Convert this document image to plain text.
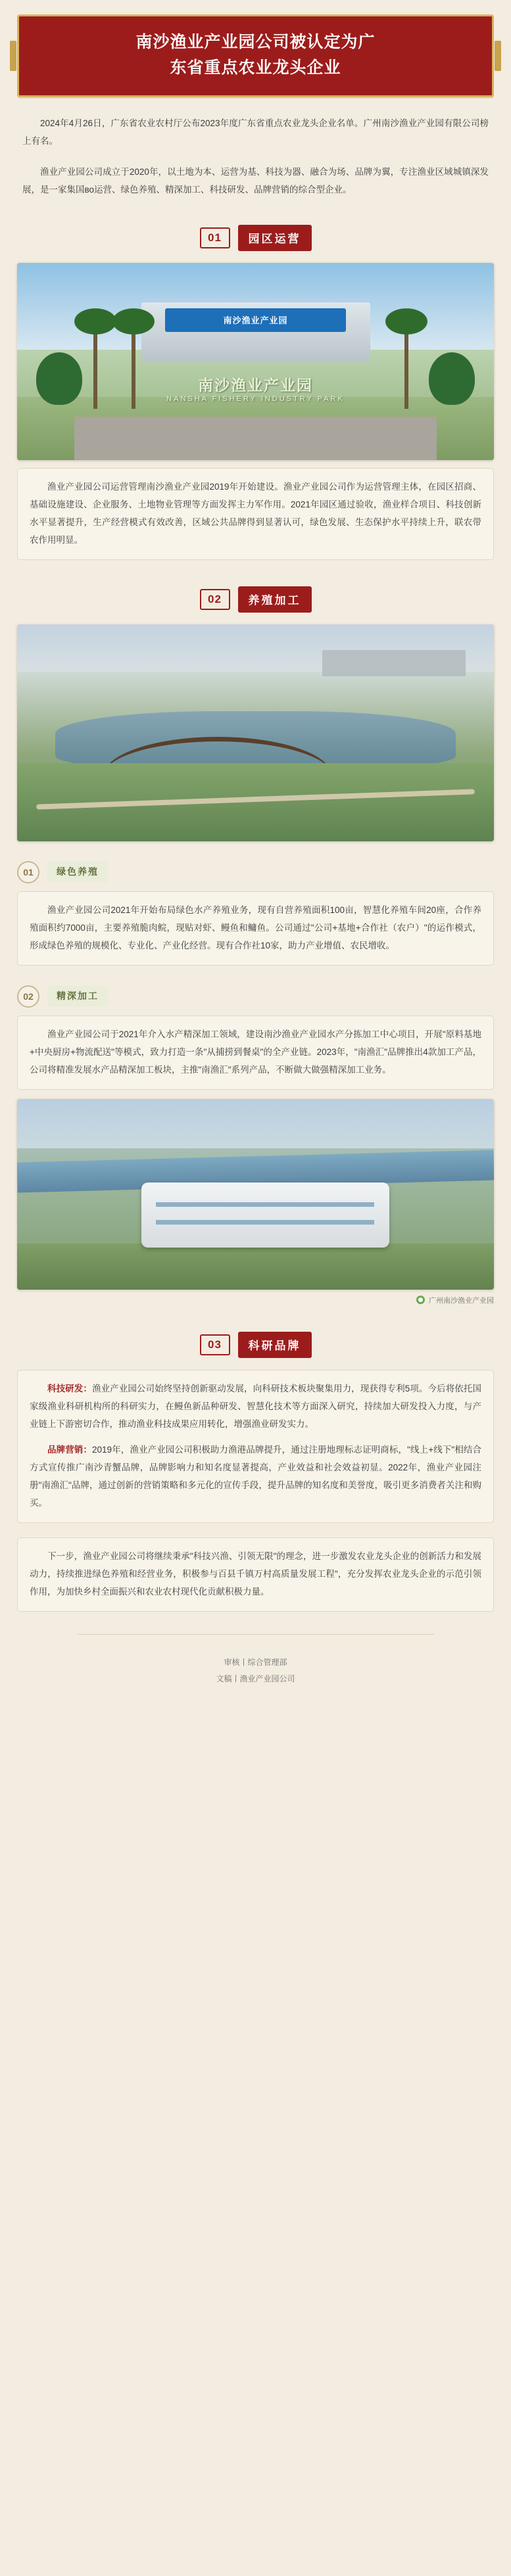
南沙渔业产业园公司被认定为广
东省重点农业龙头企业

2024年4月26日，广东省农业农村厅公布2023年度广东省重点农业龙头企业名单。广州南沙渔业产业园有限公司榜上有名。

渔业产业园公司成立于2020年，以土地为本、运营为基、科技为器、融合为场、品牌为翼，专注渔业区域城镇深发展，是一家集国во运营、绿色养殖、精深加工、科技研发、品牌营销的综合型企业。

01	园区运营
南沙渔业产业园
南沙渔业产业园
NANSHA FISHERY INDUSTRY PARK

渔业产业园公司运营管理南沙渔业产业园2019年开始建设。渔业产业园公司作为运营管理主体，在园区招商、基础设施建设、企业服务、土地物业管理等方面发挥主力军作用。2021年园区通过验收，渔业样合项目、科技创新水平显著提升，生产经营模式有效改善，区域公共品牌得到显著认可，绿色发展、生态保护水平持续上升，联农带农作用明显。

02	养殖加工
01	绿色养殖

渔业产业园公司2021年开始布局绿色水产养殖业务，现有自营养殖面积100亩，智慧化养殖车间20座，合作养殖面积约7000亩，主要养殖脆肉鲩，现贴对虾、鳗鱼和鳙鱼。公司通过"公司+基地+合作社（农户）"的运作模式，形成绿色养殖的规模化、专业化、产业化经营。现有合作社10家，助力产业增值、农民增收。

02	精深加工

渔业产业园公司于2021年介入水产精深加工领域，建设南沙渔业产业园水产分拣加工中心项目，开展"原料基地+中央厨房+物流配送"等模式，致力打造一条"从捕捞到餐桌"的全产业链。2023年，"南渔汇"品牌推出4款加工产品，公司将精准发展水产品精深加工板块，主推"南渔汇"系列产品，不断做大做强精深加工业务。

广州南沙渔业产业园
03	科研品牌

科技研发：渔业产业园公司始终坚持创新驱动发展，向科研技术板块聚集用力，现获得专利5项。今后将依托国家级渔业科研机构所的科研实力，在鳗鱼新品种研发、智慧化技术等方面深入研究，持续加大研发投入力度，与产业链上下游密切合作，推动渔业科技成果应用转化，增强渔业研发实力。

品牌营销：2019年，渔业产业园公司积极助力渔港品牌提升，通过注册地理标志证明商标，"线上+线下"相结合方式宣传推广南沙青蟹品牌，品牌影响力和知名度显著提高，产业效益和社会效益初显。2022年，渔业产业园注册"南渔汇"品牌，通过创新的营销策略和多元化的宣传手段，提升品牌的知名度和美誉度，吸引更多消费者关注和购买。

下一步，渔业产业园公司将继续秉承"科技兴渔、引领无限"的理念，进一步激发农业龙头企业的创新活力和发展动力，持续推进绿色养殖和经营业务，积极参与百县千镇万村高质量发展工程"，充分发挥农业龙头企业的示范引领作用，为加快乡村全面振兴和农业农村现代化贡献积极力量。

审核丨综合管理部
文稿丨渔业产业园公司
